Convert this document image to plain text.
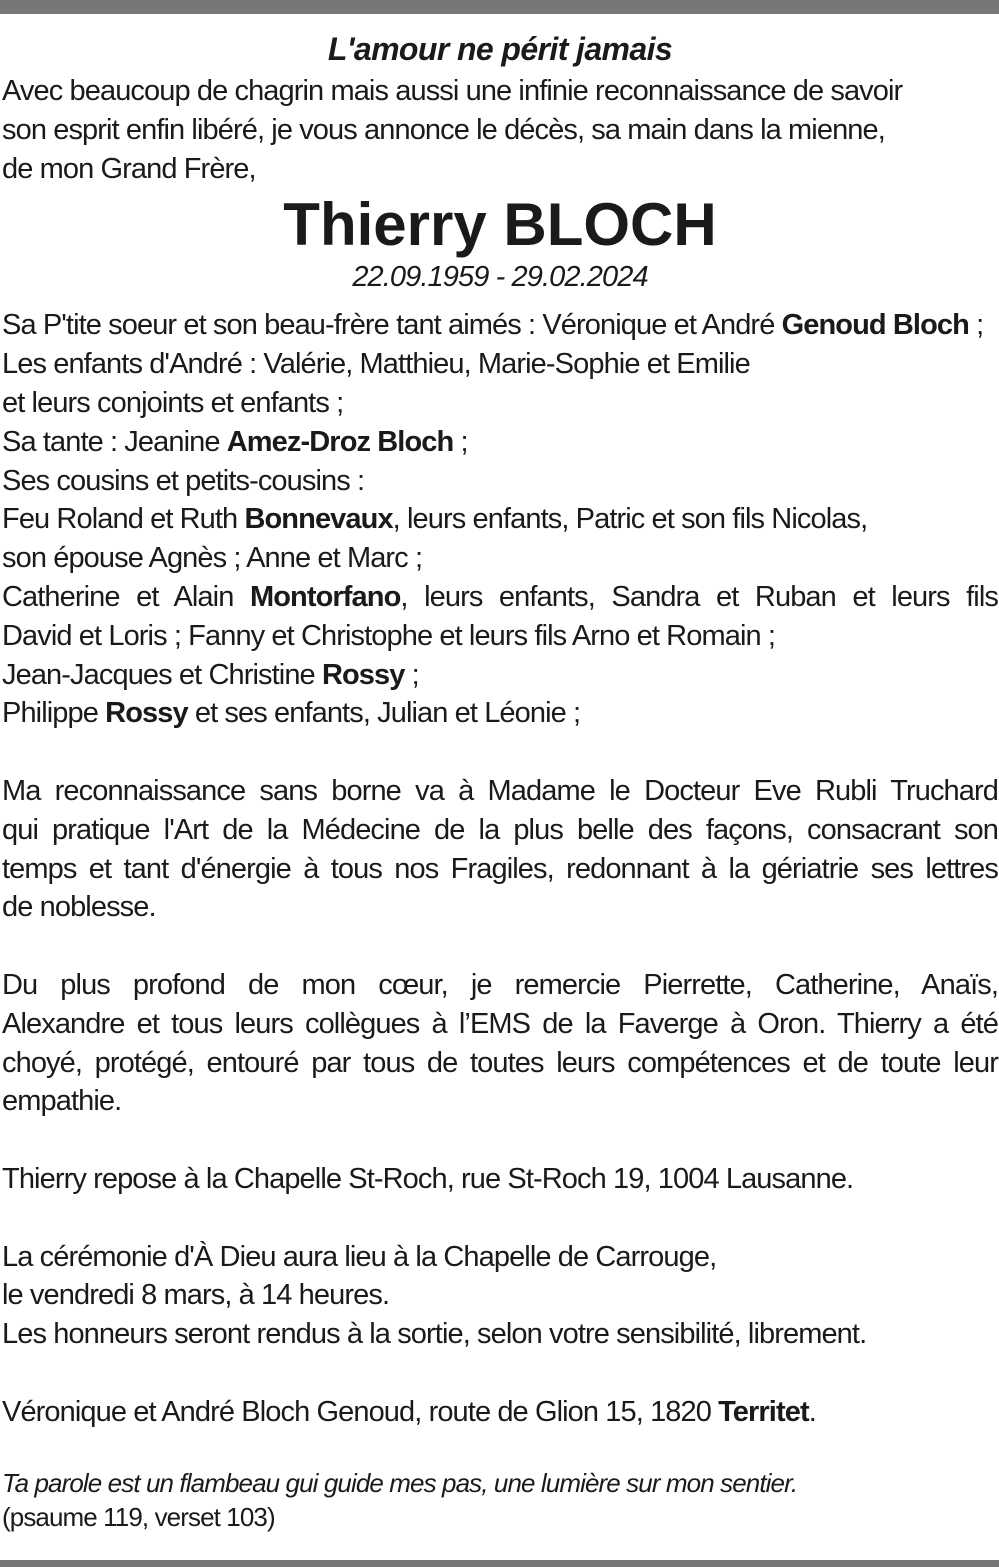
L'amour ne périt jamais
Avec beaucoup de chagrin mais aussi une infinie reconnaissance de savoir
son esprit enfin libéré, je vous annonce le décès, sa main dans la mienne,
de mon Grand Frère,
Thierry BLOCH
22.09.1959 - 29.02.2024
Sa P'tite soeur et son beau-frère tant aimés : Véronique et André Genoud Bloch ;
Les enfants d'André : Valérie, Matthieu, Marie-Sophie et Emilie
et leurs conjoints et enfants ;
Sa tante : Jeanine Amez-Droz Bloch ;
Ses cousins et petits-cousins :
Feu Roland et Ruth Bonnevaux, leurs enfants, Patric et son fils Nicolas,
son épouse Agnès ; Anne et Marc ;
Catherine et Alain Montorfano, leurs enfants, Sandra et Ruban et leurs fils
David et Loris ; Fanny et Christophe et leurs fils Arno et Romain ;
Jean-Jacques et Christine Rossy ;
Philippe Rossy et ses enfants, Julian et Léonie ;
Ma reconnaissance sans borne va à Madame le Docteur Eve Rubli Truchard
qui pratique l'Art de la Médecine de la plus belle des façons, consacrant son
temps et tant d'énergie à tous nos Fragiles, redonnant à la gériatrie ses lettres
de noblesse.
Du plus profond de mon cœur, je remercie Pierrette, Catherine, Anaïs,
Alexandre et tous leurs collègues à l’EMS de la Faverge à Oron. Thierry a été
choyé, protégé, entouré par tous de toutes leurs compétences et de toute leur
empathie.
Thierry repose à la Chapelle St-Roch, rue St-Roch 19, 1004 Lausanne.
La cérémonie d'À Dieu aura lieu à la Chapelle de Carrouge,
le vendredi 8 mars, à 14 heures.
Les honneurs seront rendus à la sortie, selon votre sensibilité, librement.
Véronique et André Bloch Genoud, route de Glion 15, 1820 Territet.
Ta parole est un flambeau gui guide mes pas, une lumière sur mon sentier.
(psaume 119, verset 103)
